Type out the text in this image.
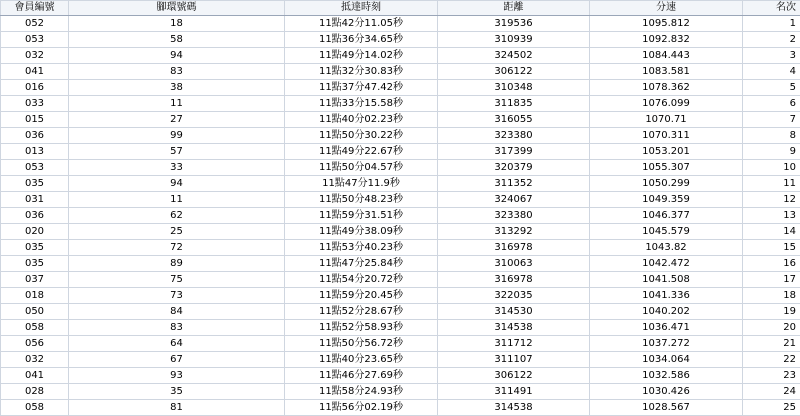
會員編號	腳環號碼	抵達時刻	距離	分速	名次
052	18	11點42分11.05秒	319536	1095.812	1
053	58	11點36分34.65秒	310939	1092.832	2
032	94	11點49分14.02秒	324502	1084.443	3
041	83	11點32分30.83秒	306122	1083.581	4
016	38	11點37分47.42秒	310348	1078.362	5
033	11	11點33分15.58秒	311835	1076.099	6
015	27	11點40分02.23秒	316055	1070.71	7
036	99	11點50分30.22秒	323380	1070.311	8
013	57	11點49分22.67秒	317399	1053.201	9
053	33	11點50分04.57秒	320379	1055.307	10
035	94	11點47分11.9秒	311352	1050.299	11
031	11	11點50分48.23秒	324067	1049.359	12
036	62	11點59分31.51秒	323380	1046.377	13
020	25	11點49分38.09秒	313292	1045.579	14
035	72	11點53分40.23秒	316978	1043.82	15
035	89	11點47分25.84秒	310063	1042.472	16
037	75	11點54分20.72秒	316978	1041.508	17
018	73	11點59分20.45秒	322035	1041.336	18
050	84	11點52分28.67秒	314530	1040.202	19
058	83	11點52分58.93秒	314538	1036.471	20
056	64	11點50分56.72秒	311712	1037.272	21
032	67	11點40分23.65秒	311107	1034.064	22
041	93	11點46分27.69秒	306122	1032.586	23
028	35	11點58分24.93秒	311491	1030.426	24
058	81	11點56分02.19秒	314538	1028.567	25
